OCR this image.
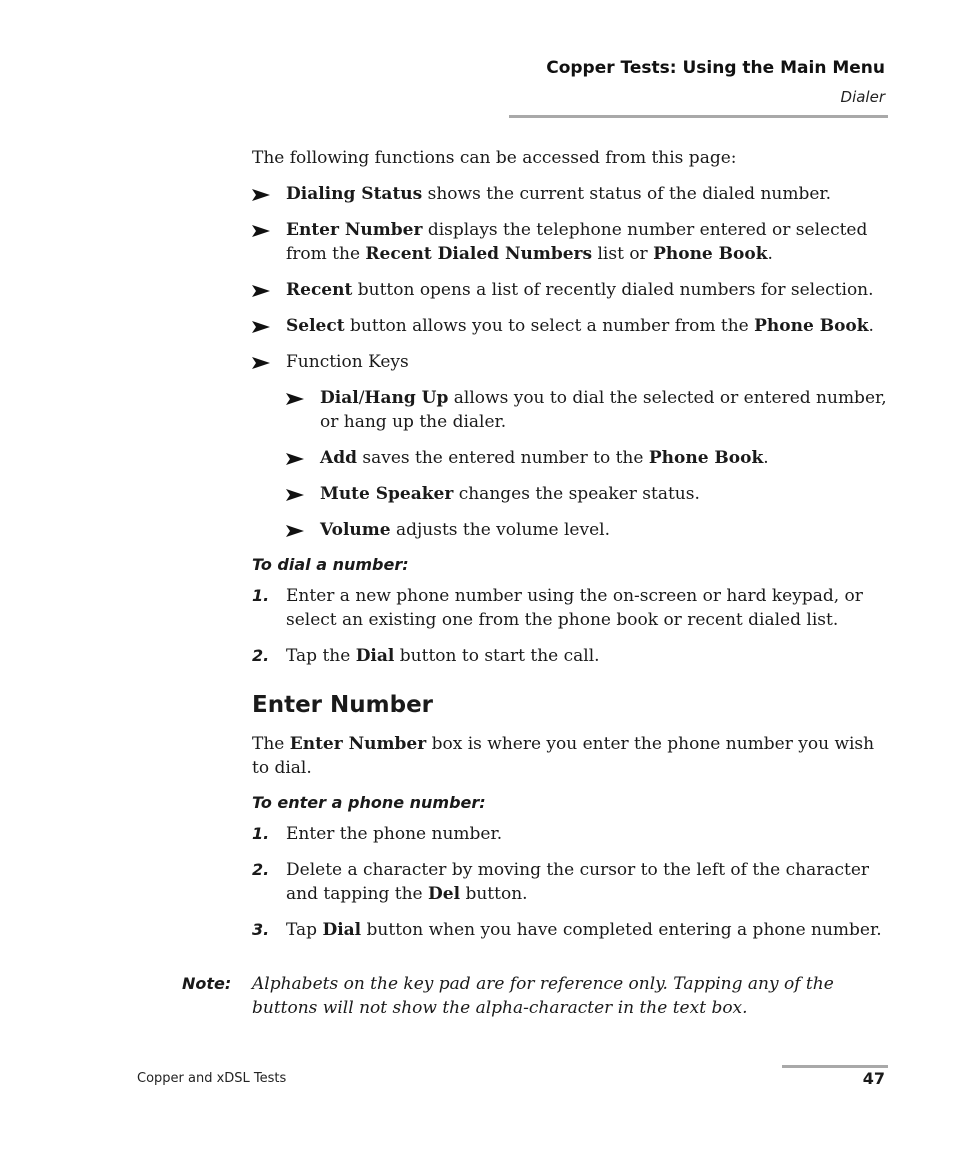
Copper Tests: Using the Main Menu
Dialer

The following functions can be accessed from this page:

Dialing Status shows the current status of the dialed number.
Enter Number displays the telephone number entered or selected from the Recent Dialed Numbers list or Phone Book.
Recent button opens a list of recently dialed numbers for selection.
Select button allows you to select a number from the Phone Book.
Function Keys
Dial/Hang Up allows you to dial the selected or entered number, or hang up the dialer.
Add saves the entered number to the Phone Book.
Mute Speaker changes the speaker status.
Volume adjusts the volume level.
To dial a number:
1. Enter a new phone number using the on-screen or hard keypad, or select an existing one from the phone book or recent dialed list.
2. Tap the Dial button to start the call.
Enter Number

The Enter Number box is where you enter the phone number you wish to dial.

To enter a phone number:
1. Enter the phone number.
2. Delete a character by moving the cursor to the left of the character and tapping the Del button.
3. Tap Dial button when you have completed entering a phone number.
Note: Alphabets on the key pad are for reference only. Tapping any of the buttons will not show the alpha-character in the text box.
Copper and xDSL Tests	47
